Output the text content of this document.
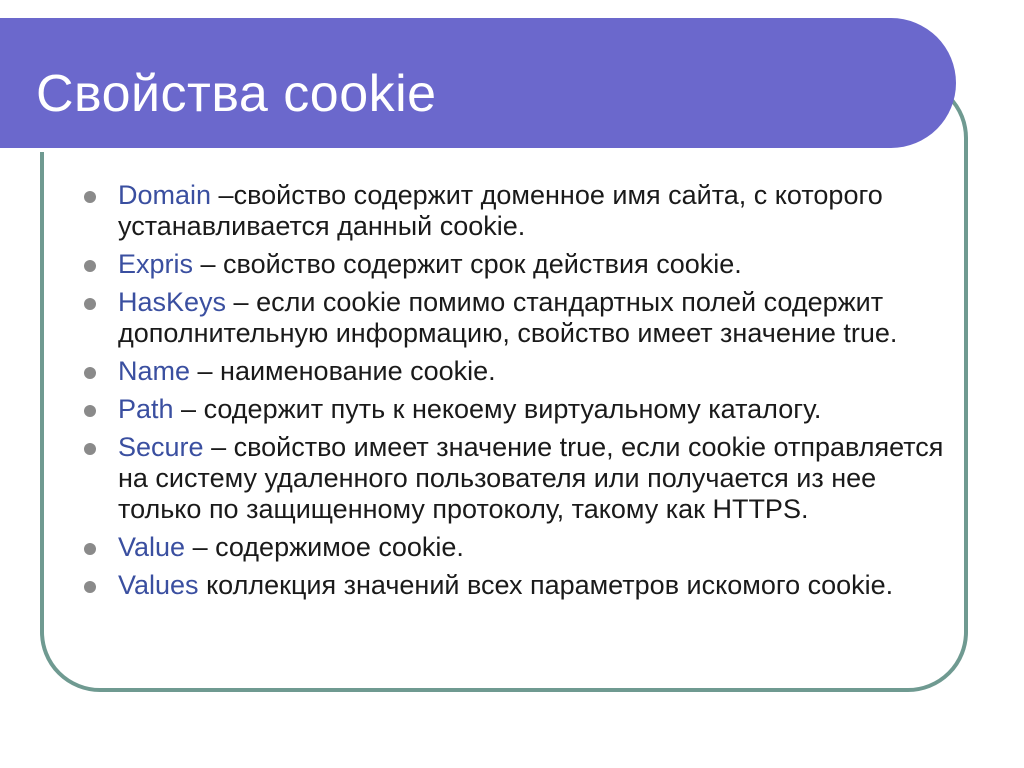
Свойства cookie
Domain –свойство содержит доменное имя сайта, с которого устанавливается данный cookie.
Expris – свойство содержит срок действия cookie.
HasKeys – если cookie помимо стандартных полей содержит дополнительную информацию, свойство имеет значение true.
Name – наименование cookie.
Path – содержит путь к некоему виртуальному каталогу.
Secure – свойство имеет значение true, если cookie отправляется на систему удаленного пользователя или получается из нее только по защищенному протоколу, такому как HTTPS.
Value – содержимое cookie.
Values коллекция значений всех параметров искомого cookie.
